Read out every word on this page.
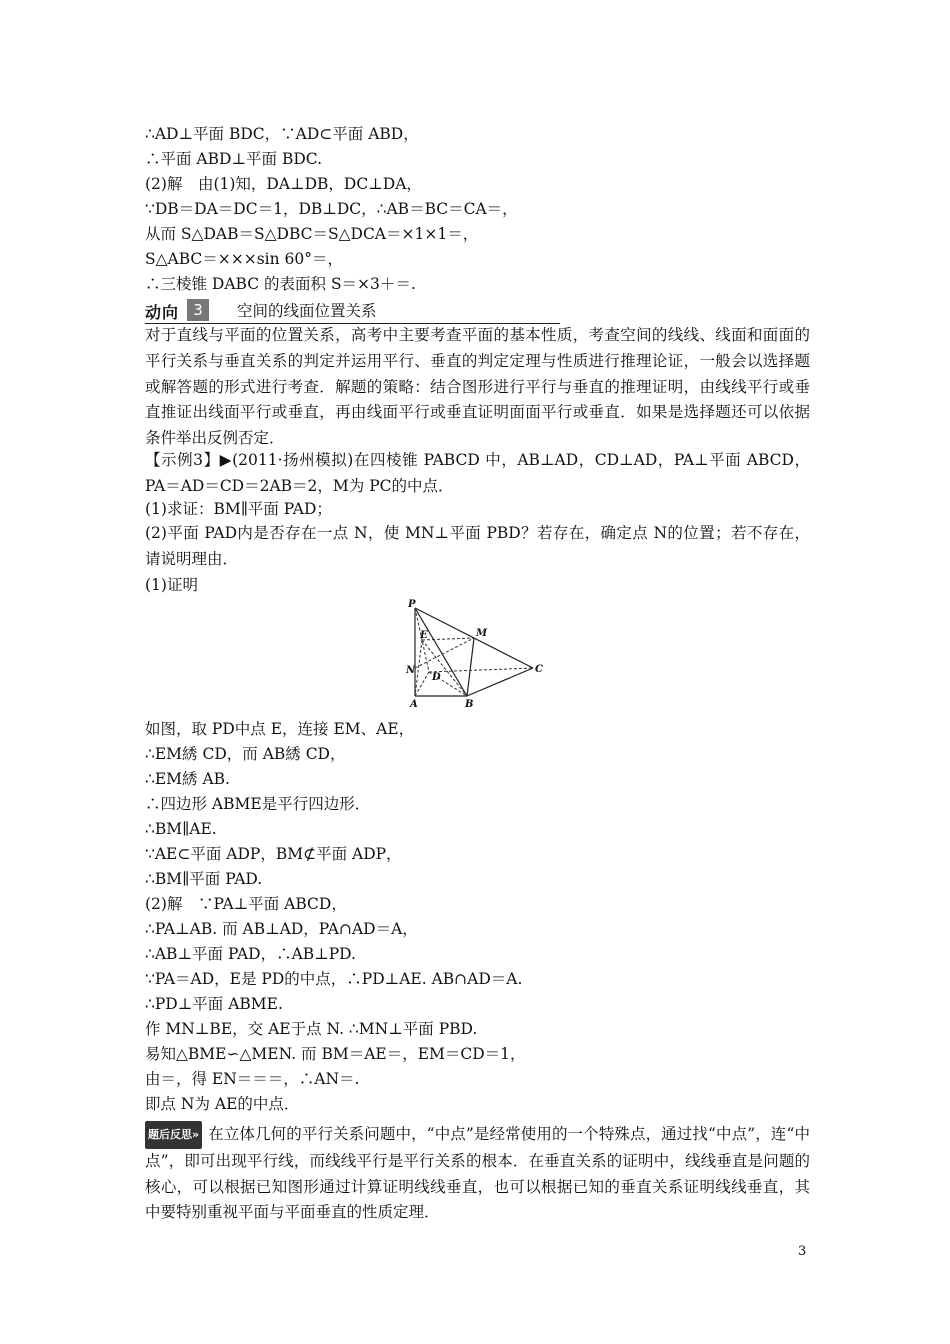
∴AD⊥平面 BDC，∵AD⊂平面 ABD，
∴平面 ABD⊥平面 BDC.
(2)解　由(1)知，DA⊥DB，DC⊥DA，
∵DB＝DA＝DC＝1，DB⊥DC，∴AB＝BC＝CA＝，
从而 S△DAB＝S△DBC＝S△DCA＝×1×1＝，
S△ABC＝×××sin 60°＝，
∴三棱锥 DABC 的表面积 S＝×3＋＝.
动向 3	空间的线面位置关系
对于直线与平面的位置关系，高考中主要考查平面的基本性质，考查空间的线线、线面和面面的平行关系与垂直关系的判定并运用平行、垂直的判定定理与性质进行推理论证，一般会以选择题或解答题的形式进行考查．解题的策略：结合图形进行平行与垂直的推理证明，由线线平行或垂直推证出线面平行或垂直，再由线面平行或垂直证明面面平行或垂直．如果是选择题还可以依据条件举出反例否定．
【示例3】▶(2011·扬州模拟)在四棱锥 PABCD 中，AB⊥AD，CD⊥AD，PA⊥平面 ABCD，PA＝AD＝CD＝2AB＝2，M为 PC的中点．
(1)求证：BM∥平面 PAD；
(2)平面 PAD内是否存在一点 N，使 MN⊥平面 PBD？若存在，确定点 N的位置；若不存在，请说明理由．
(1)证明
P
E	M
N
D
C
A	B
如图，取 PD中点 E，连接 EM、AE，
∴EM綉 CD，而 AB綉 CD，
∴EM綉 AB.
∴四边形 ABME是平行四边形．
∴BM∥AE.
∵AE⊂平面 ADP，BM⊄平面 ADP，
∴BM∥平面 PAD.
(2)解　∵PA⊥平面 ABCD，
∴PA⊥AB. 而 AB⊥AD，PA∩AD＝A，
∴AB⊥平面 PAD，∴AB⊥PD.
∵PA＝AD，E是 PD的中点，∴PD⊥AE. AB∩AD＝A.
∴PD⊥平面 ABME.
作 MN⊥BE，交 AE于点 N. ∴MN⊥平面 PBD.
易知△BME∽△MEN. 而 BM＝AE＝，EM＝CD＝1，
由＝，得 EN＝＝＝，∴AN＝.
即点 N为 AE的中点．
题后反思» 在立体几何的平行关系问题中，“中点”是经常使用的一个特殊点，通过找“中点”，连“中点”，即可出现平行线，而线线平行是平行关系的根本．在垂直关系的证明中，线线垂直是问题的核心，可以根据已知图形通过计算证明线线垂直，也可以根据已知的垂直关系证明线线垂直，其中要特别重视平面与平面垂直的性质定理．
3
